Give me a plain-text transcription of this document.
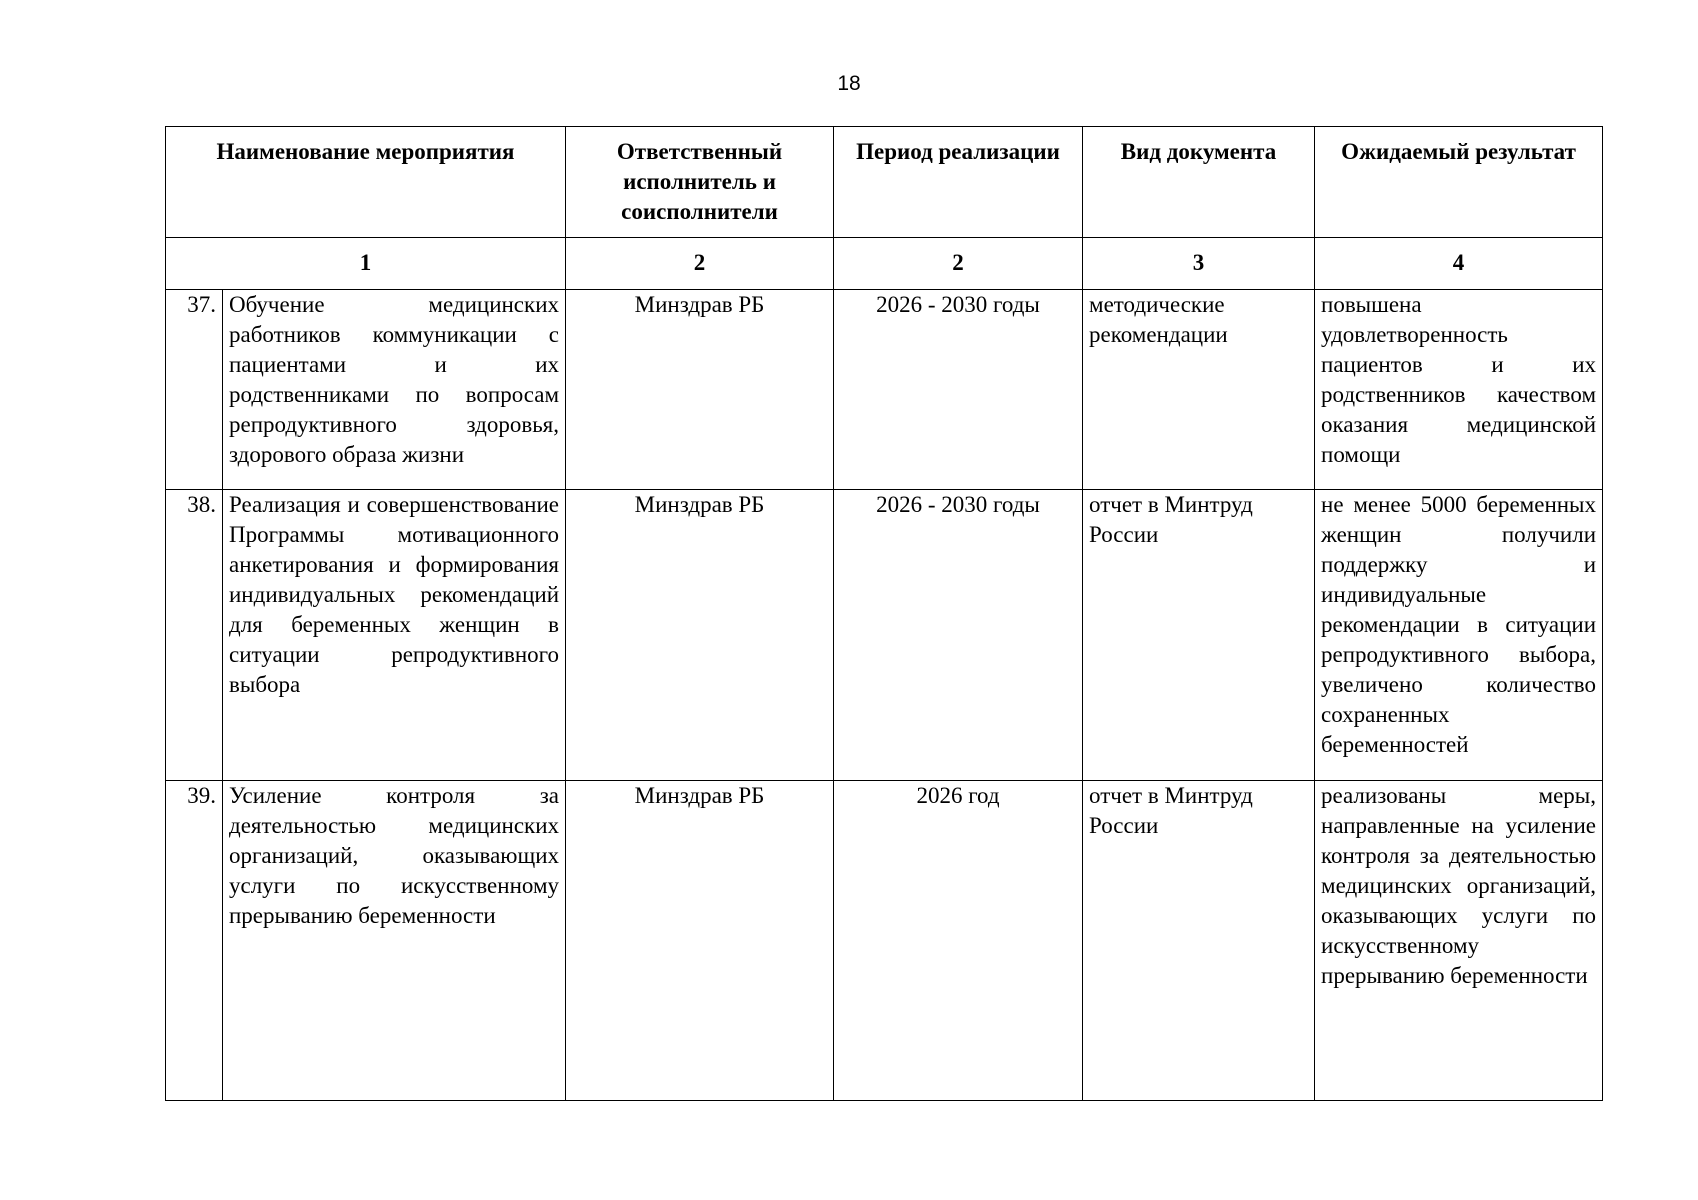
18
Наименование мероприятия		Ответственный исполнитель и соисполнители	Период реализации	Вид документа	Ожидаемый результат
1		2	2	3	4
37.	Обучение медицинских работников коммуникации с пациентами и их родственниками по вопросам репродуктивного здоровья, здорового образа жизни	Минздрав РБ	2026 - 2030 годы	методические рекомендации	повышена удовлетворенность пациентов и их родственников качеством оказания медицинской помощи
38.	Реализация и совершенствование Программы мотивационного анкетирования и формирования индивидуальных рекомендаций для беременных женщин в ситуации репродуктивного выбора	Минздрав РБ	2026 - 2030 годы	отчет в Минтруд России	не менее 5000 беременных женщин получили поддержку и индивидуальные рекомендации в ситуации репродуктивного выбора, увеличено количество сохраненных беременностей
39.	Усиление контроля за деятельностью медицинских организаций, оказывающих услуги по искусственному прерыванию беременности	Минздрав РБ	2026 год	отчет в Минтруд России	реализованы меры, направленные на усиление контроля за деятельностью медицинских организаций, оказывающих услуги по искусственному прерыванию беременности
